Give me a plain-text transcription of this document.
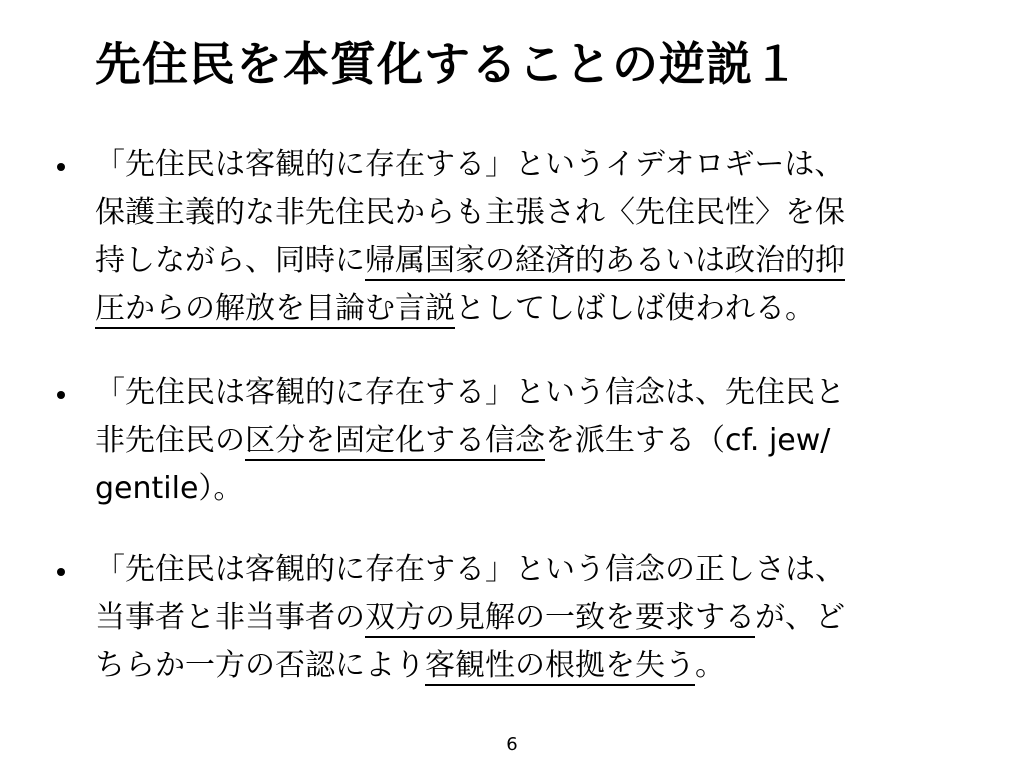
先住民を本質化することの逆説１
「先住民は客観的に存在する」というイデオロギーは、
保護主義的な非先住民からも主張され〈先住民性〉を保
持しながら、同時に帰属国家の経済的あるいは政治的抑
圧からの解放を目論む言説としてしばしば使われる。
「先住民は客観的に存在する」という信念は、先住民と
非先住民の区分を固定化する信念を派生する（cf. jew/
gentile）。
「先住民は客観的に存在する」という信念の正しさは、
当事者と非当事者の双方の見解の一致を要求するが、ど
ちらか一方の否認により客観性の根拠を失う。
6
